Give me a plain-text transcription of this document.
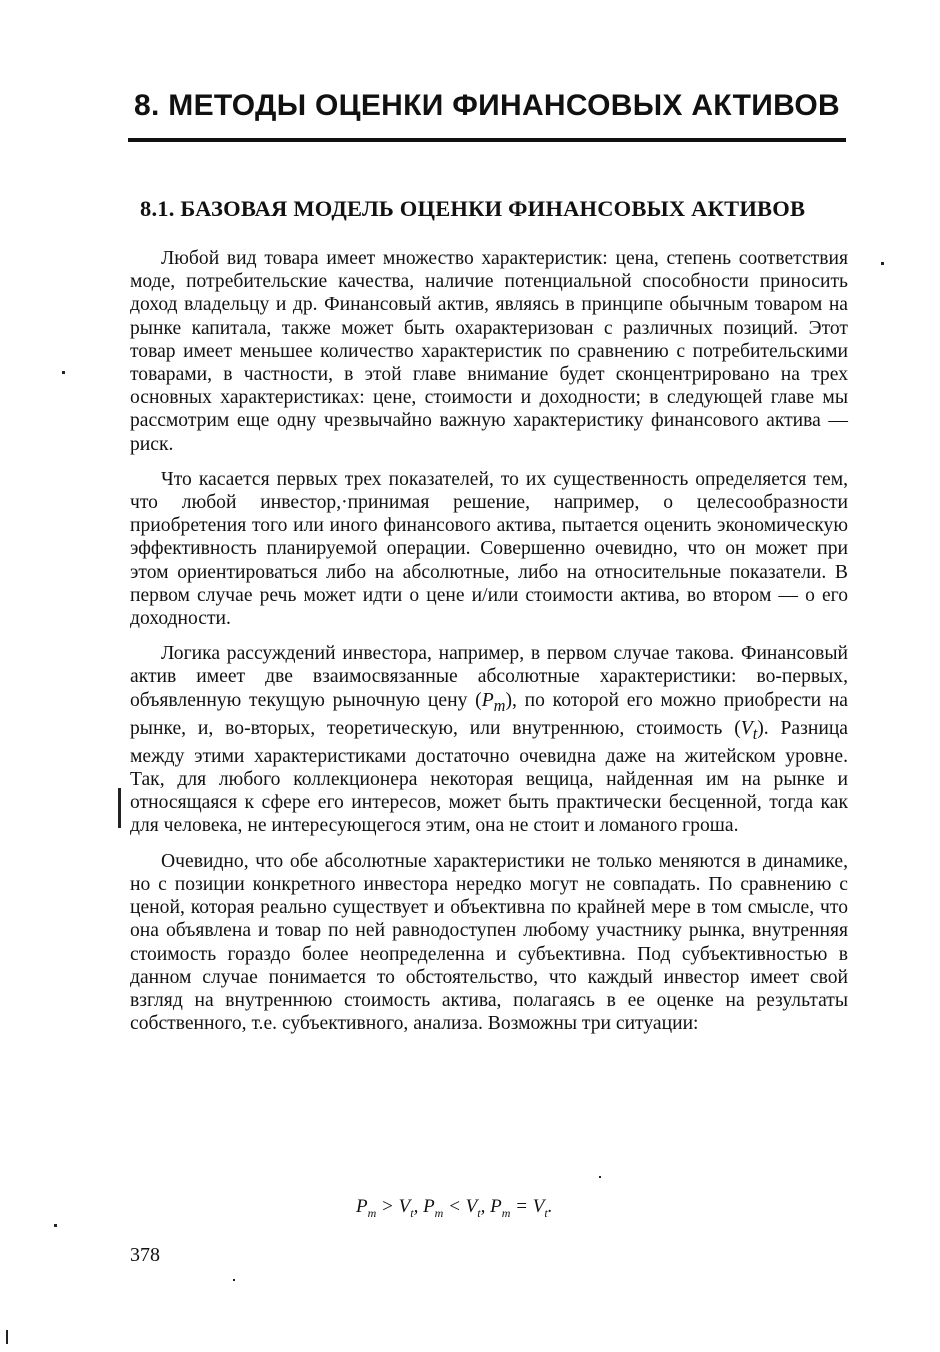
8. МЕТОДЫ ОЦЕНКИ ФИНАНСОВЫХ АКТИВОВ
8.1. БАЗОВАЯ МОДЕЛЬ ОЦЕНКИ ФИНАНСОВЫХ АКТИВОВ

Любой вид товара имеет множество характеристик: цена, степень соответствия моде, потребительские качества, наличие потенциальной способности приносить доход владельцу и др. Финансовый актив, являясь в принципе обычным товаром на рынке капитала, также может быть охарактеризован с различных позиций. Этот товар имеет меньшее количество характеристик по сравнению с потребительскими товарами, в частности, в этой главе внимание будет сконцентрировано на трех основных характеристиках: цене, стоимости и доходности; в следующей главе мы рассмотрим еще одну чрезвычайно важную характеристику финансового актива — риск.

Что касается первых трех показателей, то их существенность определяется тем, что любой инвестор,·принимая решение, например, о целесообразности приобретения того или иного финансового актива, пытается оценить экономическую эффективность планируемой операции. Совершенно очевидно, что он может при этом ориентироваться либо на абсолютные, либо на относительные показатели. В первом случае речь может идти о цене и/или стоимости актива, во втором — о его доходности.

Логика рассуждений инвестора, например, в первом случае такова. Финансовый актив имеет две взаимосвязанные абсолютные характеристики: во-первых, объявленную текущую рыночную цену $(P_m)$, по которой его можно приобрести на рынке, и, во-вторых, теоретическую, или внутреннюю, стоимость $(V_t)$. Разница между этими характеристиками достаточно очевидна даже на житейском уровне. Так, для любого коллекционера некоторая вещица, найденная им на рынке и относящаяся к сфере его интересов, может быть практически бесценной, тогда как для человека, не интересующегося этим, она не стоит и ломаного гроша.

Очевидно, что обе абсолютные характеристики не только меняются в динамике, но с позиции конкретного инвестора нередко могут не совпадать. По сравнению с ценой, которая реально существует и объективна по крайней мере в том смысле, что она объявлена и товар по ней равнодоступен любому участнику рынка, внутренняя стоимость гораздо более неопределенна и субъективна. Под субъективностью в данном случае понимается то обстоятельство, что каждый инвестор имеет свой взгляд на внутреннюю стоимость актива, полагаясь в ее оценке на результаты собственного, т.е. субъективного, анализа. Возможны три ситуации:

$P_m > V_t$, $P_m < V_t$, $P_m = V_t$.
378
